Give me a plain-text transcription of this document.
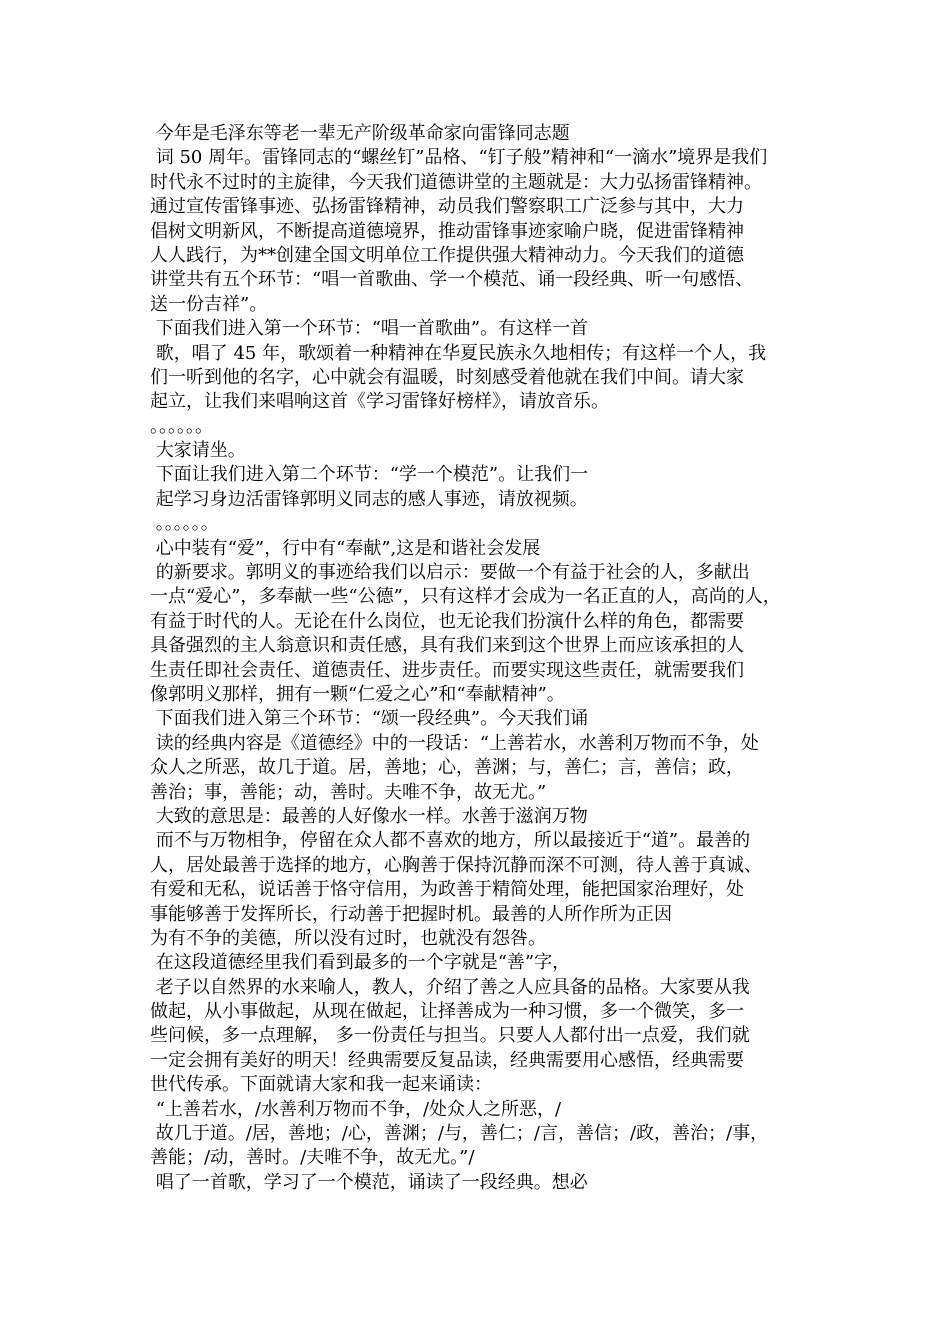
今年是毛泽东等老一辈无产阶级革命家向雷锋同志题
词 50 周年。雷锋同志的“螺丝钉”品格、“钉子般”精神和“一滴水”境界是我们
时代永不过时的主旋律，今天我们道德讲堂的主题就是：大力弘扬雷锋精神。
通过宣传雷锋事迹、弘扬雷锋精神，动员我们警察职工广泛参与其中，大力
倡树文明新风，不断提高道德境界，推动雷锋事迹家喻户晓，促进雷锋精神
人人践行，为**创建全国文明单位工作提供强大精神动力。今天我们的道德
讲堂共有五个环节：“唱一首歌曲、学一个模范、诵一段经典、听一句感悟、
送一份吉祥”。
下面我们进入第一个环节：“唱一首歌曲”。有这样一首
歌，唱了 45 年，歌颂着一种精神在华夏民族永久地相传；有这样一个人，我
们一听到他的名字，心中就会有温暖，时刻感受着他就在我们中间。请大家
起立，让我们来唱响这首《学习雷锋好榜样》，请放音乐。
。。。。。。
大家请坐。
下面让我们进入第二个环节：“学一个模范”。让我们一
起学习身边活雷锋郭明义同志的感人事迹，请放视频。
。。。。。。
心中装有“爱”，行中有“奉献”,这是和谐社会发展
的新要求。郭明义的事迹给我们以启示：要做一个有益于社会的人，多献出
一点“爱心”，多奉献一些“公德”，只有这样才会成为一名正直的人，高尚的人，
有益于时代的人。无论在什么岗位，也无论我们扮演什么样的角色，都需要
具备强烈的主人翁意识和责任感，具有我们来到这个世界上而应该承担的人
生责任即社会责任、道德责任、进步责任。而要实现这些责任，就需要我们
像郭明义那样，拥有一颗“仁爱之心”和“奉献精神”。
下面我们进入第三个环节：“颂一段经典”。今天我们诵
读的经典内容是《道德经》中的一段话：“上善若水，水善利万物而不争，处
众人之所恶，故几于道。居，善地；心，善渊；与，善仁；言，善信；政，
善治；事，善能；动，善时。夫唯不争，故无尤。”
大致的意思是：最善的人好像水一样。水善于滋润万物
而不与万物相争，停留在众人都不喜欢的地方，所以最接近于“道”。最善的
人，居处最善于选择的地方，心胸善于保持沉静而深不可测，待人善于真诚、
有爱和无私，说话善于恪守信用，为政善于精简处理，能把国家治理好，处
事能够善于发挥所长，行动善于把握时机。最善的人所作所为正因
为有不争的美德，所以没有过时，也就没有怨咎。
在这段道德经里我们看到最多的一个字就是“善”字，
老子以自然界的水来喻人，教人，介绍了善之人应具备的品格。大家要从我
做起，从小事做起，从现在做起，让择善成为一种习惯，多一个微笑，多一
些问候，多一点理解， 多一份责任与担当。只要人人都付出一点爱，我们就
一定会拥有美好的明天！经典需要反复品读，经典需要用心感悟，经典需要
世代传承。下面就请大家和我一起来诵读：
“上善若水，/水善利万物而不争，/处众人之所恶，/
故几于道。/居，善地；/心，善渊；/与，善仁；/言，善信；/政，善治；/事，
善能；/动，善时。/夫唯不争，故无尤。”/
唱了一首歌，学习了一个模范，诵读了一段经典。想必
